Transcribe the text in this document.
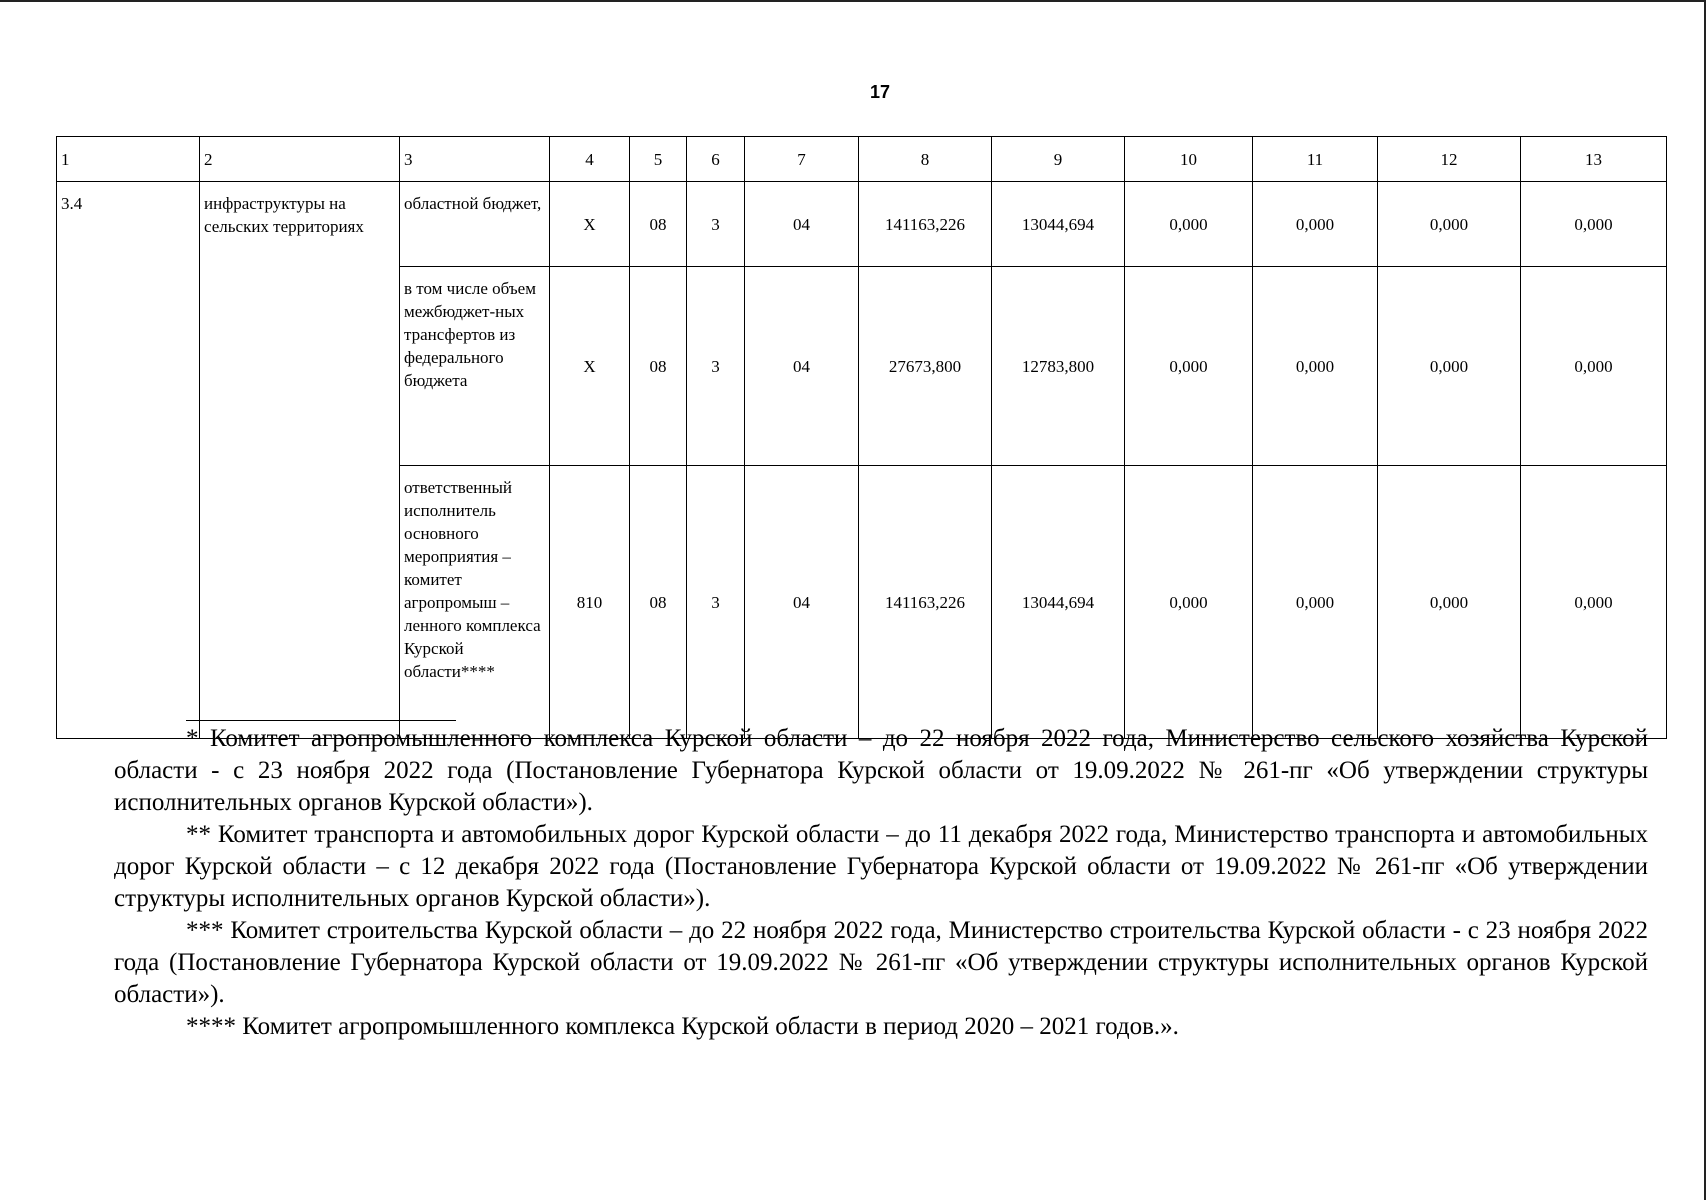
17
1	2	3	4	5	6	7	8	9	10	11	12	13
3.4	инфраструктуры на сельских территориях	областной бюджет,	Х	08	3	04	141163,226	13044,694	0,000	0,000	0,000	0,000
		в том числе объем межбюджет-ных трансфертов из федерального бюджета	Х	08	3	04	27673,800	12783,800	0,000	0,000	0,000	0,000
		ответственный исполнитель основного мероприятия – комитет агропромыш – ленного комплекса Курской области****	810	08	3	04	141163,226	13044,694	0,000	0,000	0,000	0,000

* Комитет агропромышленного комплекса Курской области – до 22 ноября 2022 года, Министерство сельского хозяйства Курской области - с 23 ноября 2022 года (Постановление Губернатора Курской области от 19.09.2022 № 261-пг «Об утверждении структуры исполнительных органов Курской области»).

** Комитет транспорта и автомобильных дорог Курской области – до 11 декабря 2022 года, Министерство транспорта и автомобильных дорог Курской области – с 12 декабря 2022 года (Постановление Губернатора Курской области от 19.09.2022 № 261-пг «Об утверждении структуры исполнительных органов Курской области»).

*** Комитет строительства Курской области – до 22 ноября 2022 года, Министерство строительства Курской области - с 23 ноября 2022 года (Постановление Губернатора Курской области от 19.09.2022 № 261-пг «Об утверждении структуры исполнительных органов Курской области»).

**** Комитет агропромышленного комплекса Курской области в период 2020 – 2021 годов.».
